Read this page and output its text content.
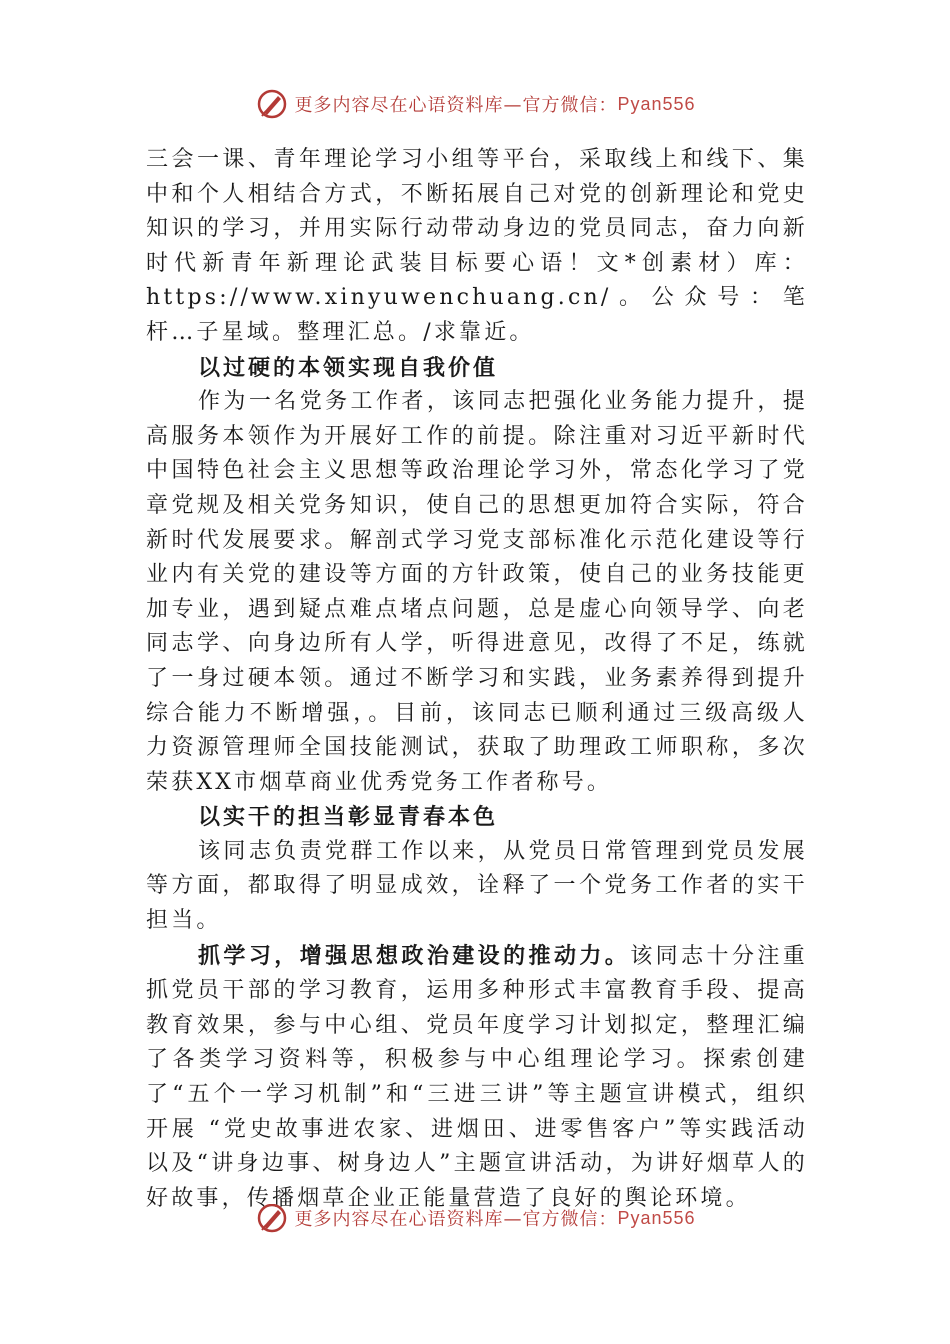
更多内容尽在心语资料库—官方微信： Pyan556

三会一课、青年理论学习小组等平台，采取线上和线下、集中和个人相结合方式，不断拓展自己对党的创新理论和党史知识的学习，并用实际行动带动身边的党员同志，奋力向新时代新青年新理论武装目标要心语！文*创素材）库：https://www.xinyuwenchuang.cn/。公众号：笔杆…子星域。整理汇总。/求靠近。

以过硬的本领实现自我价值

作为一名党务工作者，该同志把强化业务能力提升，提高服务本领作为开展好工作的前提。除注重对习近平新时代中国特色社会主义思想等政治理论学习外，常态化学习了党章党规及相关党务知识，使自己的思想更加符合实际，符合新时代发展要求。解剖式学习党支部标准化示范化建设等行业内有关党的建设等方面的方针政策，使自己的业务技能更加专业，遇到疑点难点堵点问题，总是虚心向领导学、向老同志学、向身边所有人学，听得进意见，改得了不足，练就了一身过硬本领。通过不断学习和实践，业务素养得到提升综合能力不断增强，。目前，该同志已顺利通过三级高级人力资源管理师全国技能测试，获取了助理政工师职称，多次荣获XX市烟草商业优秀党务工作者称号。

以实干的担当彰显青春本色

该同志负责党群工作以来，从党员日常管理到党员发展等方面，都取得了明显成效，诠释了一个党务工作者的实干担当。

抓学习，增强思想政治建设的推动力。该同志十分注重抓党员干部的学习教育，运用多种形式丰富教育手段、提高教育效果，参与中心组、党员年度学习计划拟定，整理汇编了各类学习资料等，积极参与中心组理论学习。探索创建了“五个一学习机制”和“三进三讲”等主题宣讲模式，组织开展 “党史故事进农家、进烟田、进零售客户”等实践活动以及“讲身边事、树身边人”主题宣讲活动，为讲好烟草人的好故事，传播烟草企业正能量营造了良好的舆论环境。

更多内容尽在心语资料库—官方微信： Pyan556
